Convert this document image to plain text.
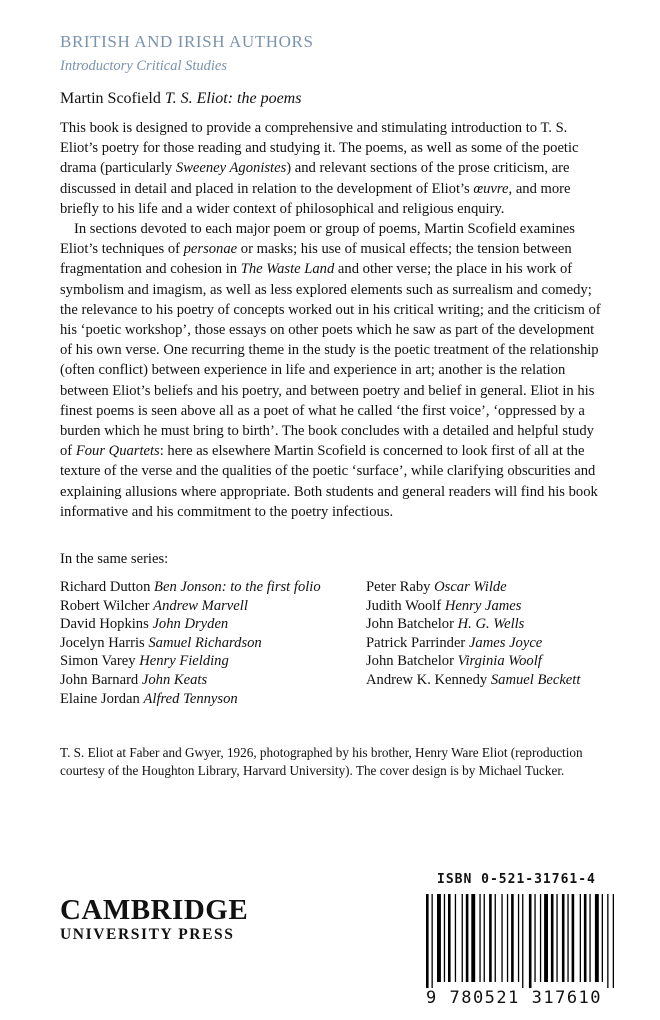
BRITISH AND IRISH AUTHORS
Introductory Critical Studies
Martin Scofield T. S. Eliot: the poems

This book is designed to provide a comprehensive and stimulating introduction to T. S. Eliot’s poetry for those reading and studying it. The poems, as well as some of the poetic drama (particularly Sweeney Agonistes) and relevant sections of the prose criticism, are discussed in detail and placed in relation to the development of Eliot’s œuvre, and more briefly to his life and a wider context of philosophical and religious enquiry.

In sections devoted to each major poem or group of poems, Martin Scofield examines Eliot’s techniques of personae or masks; his use of musical effects; the tension between fragmentation and cohesion in The Waste Land and other verse; the place in his work of symbolism and imagism, as well as less explored elements such as surrealism and comedy; the relevance to his poetry of concepts worked out in his critical writing; and the criticism of his ‘poetic workshop’, those essays on other poets which he saw as part of the development of his own verse. One recurring theme in the study is the poetic treatment of the relationship (often conflict) between experience in life and experience in art; another is the relation between Eliot’s beliefs and his poetry, and between poetry and belief in general. Eliot in his finest poems is seen above all as a poet of what he called ‘the first voice’, ‘oppressed by a burden which he must bring to birth’. The book concludes with a detailed and helpful study of Four Quartets: here as elsewhere Martin Scofield is concerned to look first of all at the texture of the verse and the qualities of the poetic ‘surface’, while clarifying obscurities and explaining allusions where appropriate. Both students and general readers will find his book informative and his commitment to the poetry infectious.

In the same series:
Richard Dutton Ben Jonson: to the first folio
Robert Wilcher Andrew Marvell
David Hopkins John Dryden
Jocelyn Harris Samuel Richardson
Simon Varey Henry Fielding
John Barnard John Keats
Elaine Jordan Alfred Tennyson
Peter Raby Oscar Wilde
Judith Woolf Henry James
John Batchelor H. G. Wells
Patrick Parrinder James Joyce
John Batchelor Virginia Woolf
Andrew K. Kennedy Samuel Beckett
T. S. Eliot at Faber and Gwyer, 1926, photographed by his brother, Henry Ware Eliot (reproduction courtesy of the Houghton Library, Harvard University). The cover design is by Michael Tucker.
CAMBRIDGE
UNIVERSITY PRESS
ISBN 0-521-31761-4
9 780521 317610
